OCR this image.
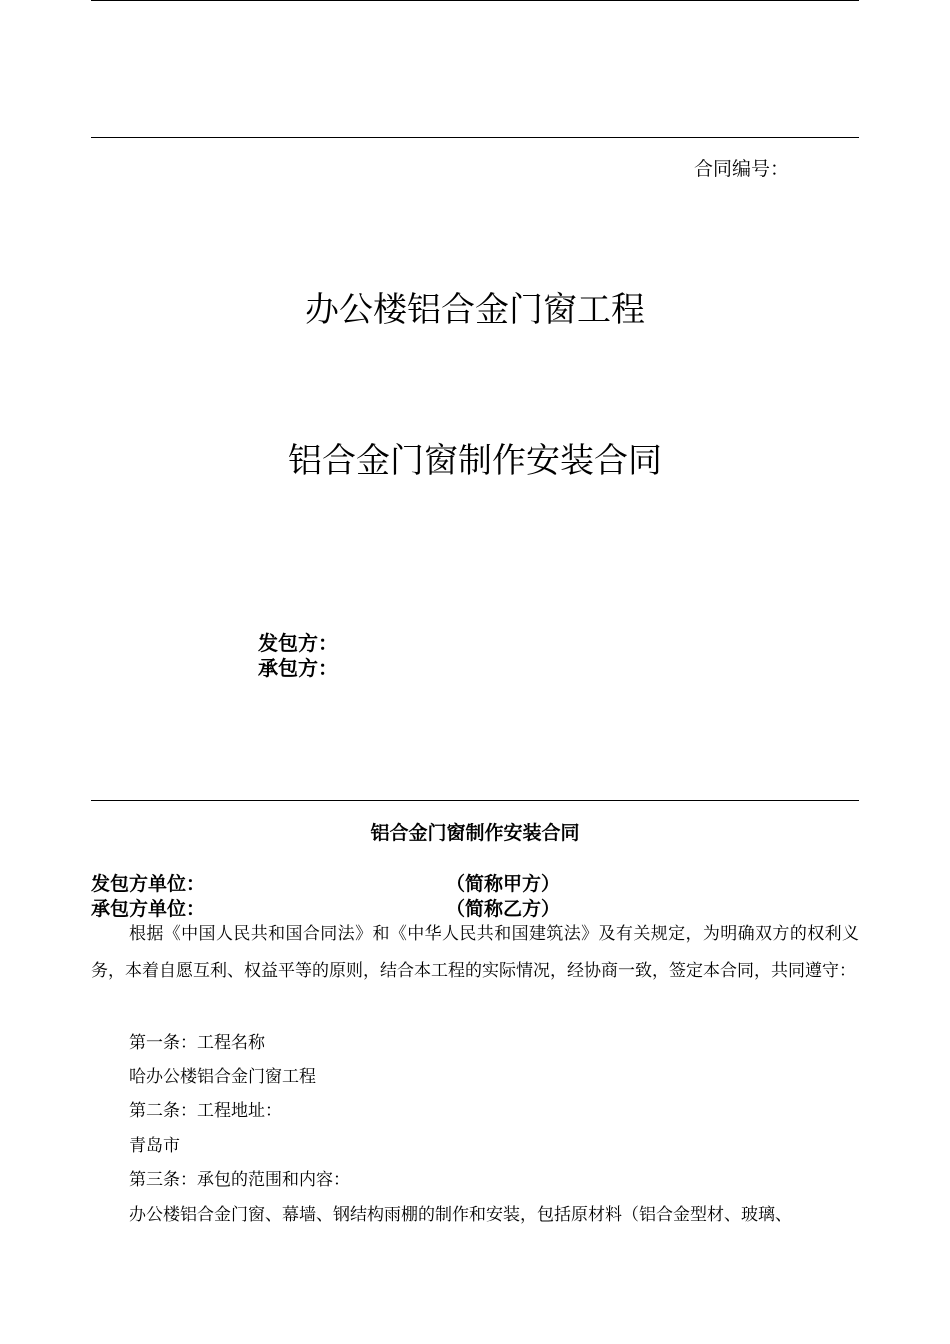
合同编号：
办公楼铝合金门窗工程
铝合金门窗制作安装合同
发包方：
承包方：
铝合金门窗制作安装合同
发包方单位：	（简称甲方）
承包方单位：	（简称乙方）

根据《中国人民共和国合同法》和《中华人民共和国建筑法》及有关规定，为明确双方的权利义务，本着自愿互利、权益平等的原则，结合本工程的实际情况，经协商一致，签定本合同，共同遵守：

第一条：工程名称
哈办公楼铝合金门窗工程
第二条：工程地址：
青岛市
第三条：承包的范围和内容：
办公楼铝合金门窗、幕墙、钢结构雨棚的制作和安装，包括原材料（铝合金型材、玻璃、
